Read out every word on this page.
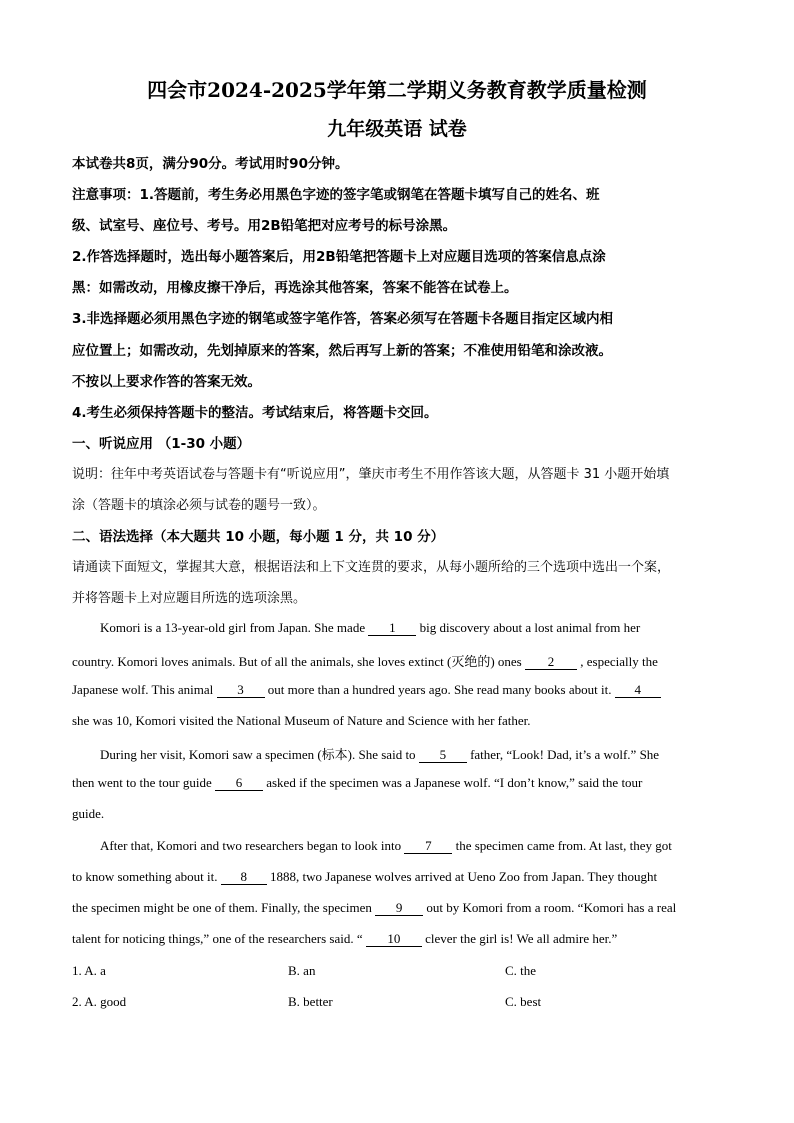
四会市2024-2025学年第二学期义务教育教学质量检测
九年级英语 试卷
本试卷共8页，满分90分。考试用时90分钟。
注意事项：1.答题前，考生务必用黑色字迹的签字笔或钢笔在答题卡填写自己的姓名、班
级、试室号、座位号、考号。用2B铅笔把对应考号的标号涂黑。
2.作答选择题时，选出每小题答案后，用2B铅笔把答题卡上对应题目选项的答案信息点涂
黑：如需改动，用橡皮擦干净后，再选涂其他答案，答案不能答在试卷上。
3.非选择题必须用黑色字迹的钢笔或签字笔作答，答案必须写在答题卡各题目指定区域内相
应位置上；如需改动，先划掉原来的答案，然后再写上新的答案；不准使用铅笔和涂改液。
不按以上要求作答的答案无效。
4.考生必须保持答题卡的整洁。考试结束后，将答题卡交回。
一、听说应用 （1-30 小题）
说明：往年中考英语试卷与答题卡有“听说应用”，肇庆市考生不用作答该大题，从答题卡 31 小题开始填
涂（答题卡的填涂必须与试卷的题号一致）。
二、语法选择（本大题共 10 小题，每小题 1 分，共 10 分）
请通读下面短文，掌握其大意，根据语法和上下文连贯的要求，从每小题所给的三个选项中选出一个案，
并将答题卡上对应题目所选的选项涂黑。
Komori is a 13-year-old girl from Japan. She made 1 big discovery about a lost animal from her
country. Komori loves animals. But of all the animals, she loves extinct (灭绝的) ones 2 , especially the
Japanese wolf. This animal 3 out more than a hundred years ago. She read many books about it. 4
she was 10, Komori visited the National Museum of Nature and Science with her father.
During her visit, Komori saw a specimen (标本). She said to 5 father, “Look! Dad, it’s a wolf.” She
then went to the tour guide 6 asked if the specimen was a Japanese wolf. “I don’t know,” said the tour
guide.
After that, Komori and two researchers began to look into 7 the specimen came from. At last, they got
to know something about it. 8 1888, two Japanese wolves arrived at Ueno Zoo from Japan. They thought
the specimen might be one of them. Finally, the specimen 9 out by Komori from a room. “Komori has a real
talent for noticing things,” one of the researchers said. “ 10 clever the girl is! We all admire her.”
1. A. a	B. an	C. the
2. A. good	B. better	C. best
